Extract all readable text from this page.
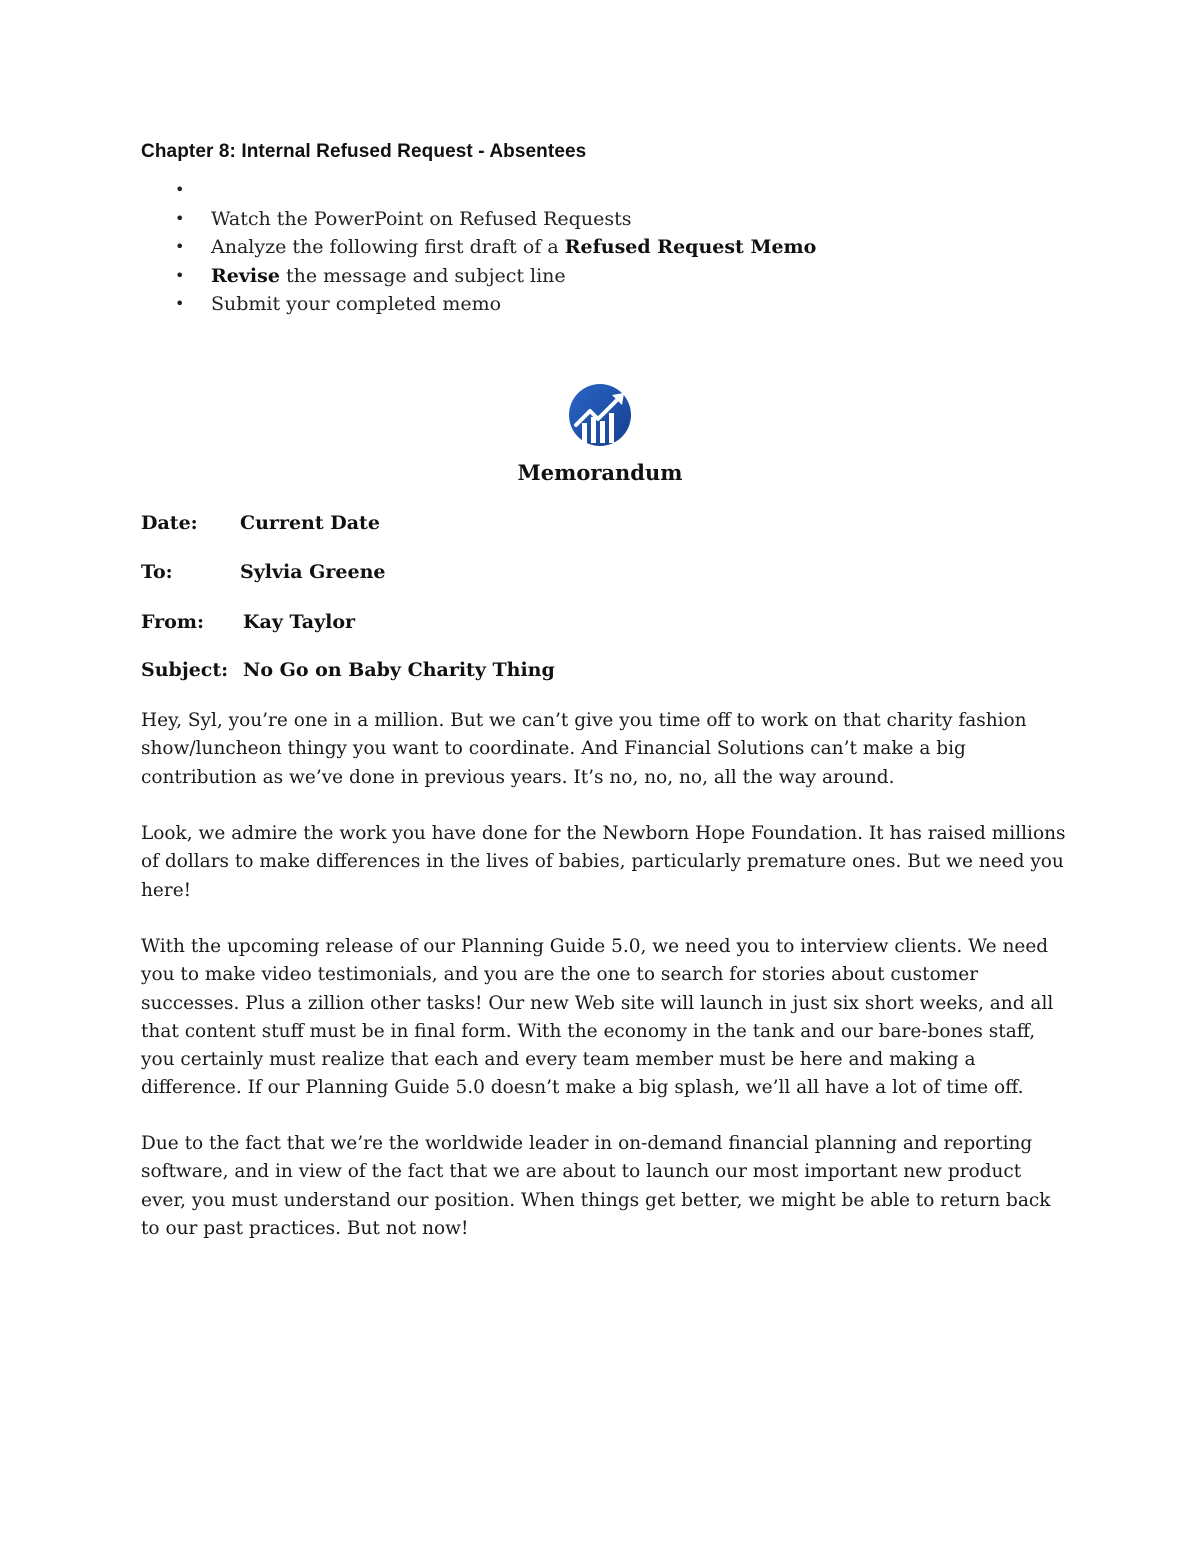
Chapter 8: Internal Refused Request - Absentees
•
• Watch the PowerPoint on Refused Requests
• Analyze the following first draft of a Refused Request Memo
• Revise the message and subject line
• Submit your completed memo
Memorandum
Date: Current Date
To:	Sylvia Greene
From: Kay Taylor
Subject: No Go on Baby Charity Thing

Hey, Syl, you’re one in a million. But we can’t give you time off to work on that charity fashion show/luncheon thingy you want to coordinate. And Financial Solutions can’t make a big contribution as we’ve done in previous years. It’s no, no, no, all the way around.

Look, we admire the work you have done for the Newborn Hope Foundation. It has raised millions of dollars to make differences in the lives of babies, particularly premature ones. But we need you here!

With the upcoming release of our Planning Guide 5.0, we need you to interview clients. We need you to make video testimonials, and you are the one to search for stories about customer successes. Plus a zillion other tasks! Our new Web site will launch in just six short weeks, and all that content stuff must be in final form. With the economy in the tank and our bare-bones staff, you certainly must realize that each and every team member must be here and making a difference. If our Planning Guide 5.0 doesn’t make a big splash, we’ll all have a lot of time off.

Due to the fact that we’re the worldwide leader in on-demand financial planning and reporting software, and in view of the fact that we are about to launch our most important new product ever, you must understand our position. When things get better, we might be able to return back to our past practices. But not now!
